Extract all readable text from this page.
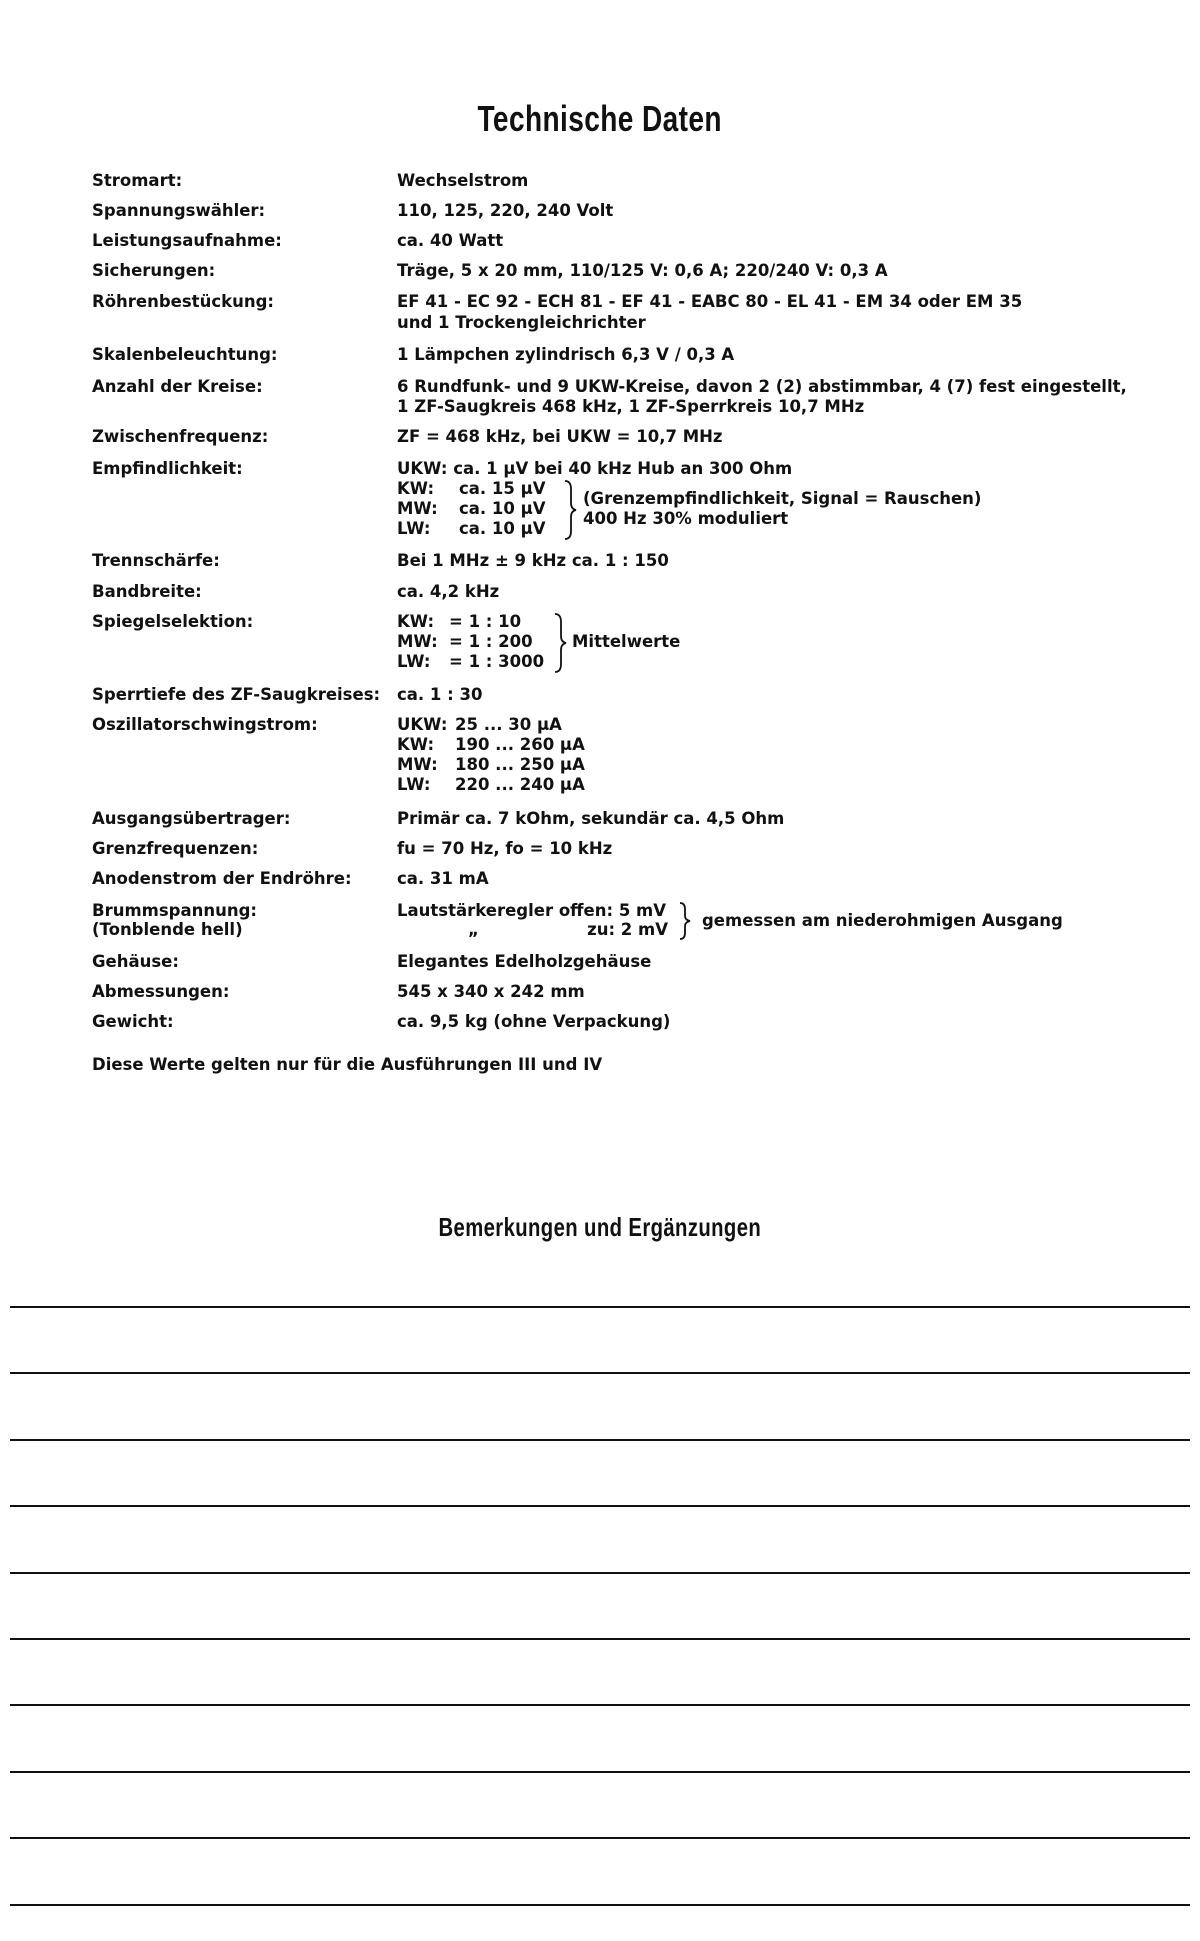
Technische Daten
Stromart:	Wechselstrom
Spannungswähler:	110, 125, 220, 240 Volt
Leistungsaufnahme:	ca. 40 Watt
Sicherungen:	Träge, 5 x 20 mm, 110/125 V: 0,6 A; 220/240 V: 0,3 A
Röhrenbestückung:	EF 41 - EC 92 - ECH 81 - EF 41 - EABC 80 - EL 41 - EM 34 oder EM 35
und 1 Trockengleichrichter
Skalenbeleuchtung:	1 Lämpchen zylindrisch 6,3 V / 0,3 A
Anzahl der Kreise:	6 Rundfunk- und 9 UKW-Kreise, davon 2 (2) abstimmbar, 4 (7) fest eingestellt,
1 ZF-Saugkreis 468 kHz, 1 ZF-Sperrkreis 10,7 MHz
Zwischenfrequenz:	ZF = 468 kHz, bei UKW = 10,7 MHz
Empfindlichkeit:	UKW: ca. 1 µV bei 40 kHz Hub an 300 Ohm
KW: ca. 15 µV
MW: ca. 10 µV
LW: ca. 10 µV
(Grenzempfindlichkeit, Signal = Rauschen)
400 Hz 30% moduliert
Trennschärfe:	Bei 1 MHz ± 9 kHz ca. 1 : 150
Bandbreite:	ca. 4,2 kHz
Spiegelselektion:	KW: = 1 : 10
MW: = 1 : 200
LW: = 1 : 3000
Mittelwerte
Sperrtiefe des ZF-Saugkreises: ca. 1 : 30
Oszillatorschwingstrom:	UKW: 25 ... 30 µA
KW: 190 ... 260 µA
MW: 180 ... 250 µA
LW: 220 ... 240 µA
Ausgangsübertrager:	Primär ca. 7 kOhm, sekundär ca. 4,5 Ohm
Grenzfrequenzen:	fu = 70 Hz, fo = 10 kHz
Anodenstrom der Endröhre:	ca. 31 mA
Brummspannung:
(Tonblende hell)
Lautstärkeregler offen: 5 mV
„	zu: 2 mV gemessen am niederohmigen Ausgang
Gehäuse:	Elegantes Edelholzgehäuse
Abmessungen:	545 x 340 x 242 mm
Gewicht:	ca. 9,5 kg (ohne Verpackung)
Diese Werte gelten nur für die Ausführungen III und IV
Bemerkungen und Ergänzungen
